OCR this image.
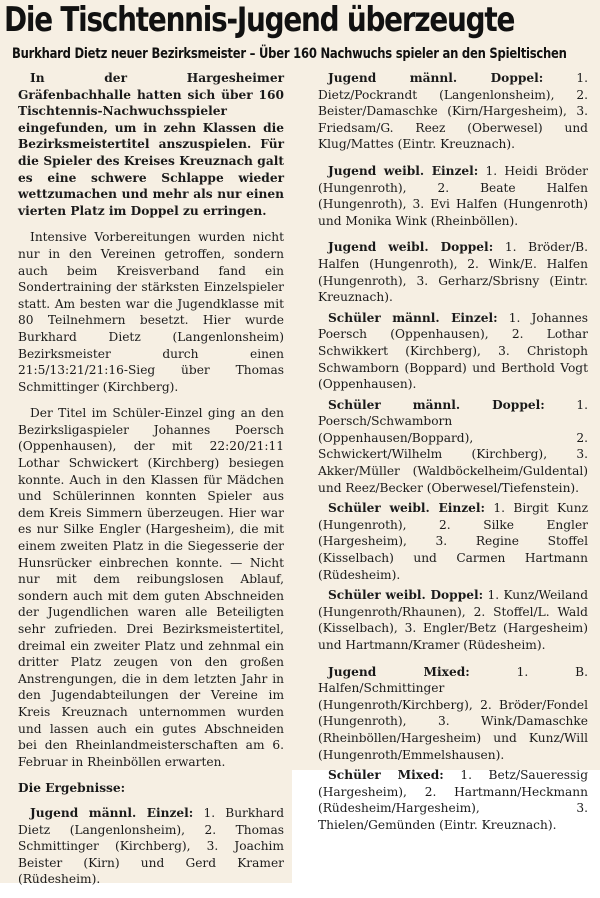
Die Tischtennis-Jugend überzeugte
Burkhard Dietz neuer Bezirksmeister – Über 160 Nachwuchs spieler an den Spieltischen

In der Hargesheimer Gräfenbachhalle hatten sich über 160 Tischtennis-Nachwuchsspieler eingefunden, um in zehn Klassen die Bezirksmeistertitel anszuspielen. Für die Spieler des Kreises Kreuznach galt es eine schwere Schlappe wieder wettzumachen und mehr als nur einen vierten Platz im Doppel zu erringen.

Intensive Vorbereitungen wurden nicht nur in den Vereinen getroffen, sondern auch beim Kreisverband fand ein Sondertraining der stärksten Einzelspieler statt. Am besten war die Jugendklasse mit 80 Teilnehmern besetzt. Hier wurde Burkhard Dietz (Langenlonsheim) Bezirksmeister durch einen 21:5/13:21/21:16-Sieg über Thomas Schmittinger (Kirchberg).

Der Titel im Schüler-Einzel ging an den Bezirksligaspieler Johannes Poersch (Oppenhausen), der mit 22:20/21:11 Lothar Schwickert (Kirchberg) besiegen konnte. Auch in den Klassen für Mädchen und Schülerinnen konnten Spieler aus dem Kreis Simmern überzeugen. Hier war es nur Silke Engler (Hargesheim), die mit einem zweiten Platz in die Siegesserie der Hunsrücker einbrechen konnte. — Nicht nur mit dem reibungslosen Ablauf, sondern auch mit dem guten Abschneiden der Jugendlichen waren alle Beteiligten sehr zufrieden. Drei Bezirksmeistertitel, dreimal ein zweiter Platz und zehnmal ein dritter Platz zeugen von den großen Anstrengungen, die in dem letzten Jahr in den Jugendabteilungen der Vereine im Kreis Kreuznach unternommen wurden und lassen auch ein gutes Abschneiden bei den Rheinlandmeisterschaften am 6. Februar in Rheinböllen erwarten.

Die Ergebnisse:

Jugend männl. Einzel: 1. Burkhard Dietz (Langenlonsheim), 2. Thomas Schmittinger (Kirchberg), 3. Joachim Beister (Kirn) und Gerd Kramer (Rüdesheim).

Jugend männl. Doppel:	1. Dietz/Pockrandt (Langenlonsheim), 2. Beister/Damaschke (Kirn/Hargesheim), 3. Friedsam/G. Reez (Oberwesel) und Klug/Mattes (Eintr. Kreuznach).

Jugend weibl. Einzel: 1. Heidi Bröder (Hungenroth), 2. Beate Halfen (Hungenroth), 3. Evi Halfen (Hungenroth) und Monika Wink (Rheinböllen).

Jugend weibl. Doppel: 1. Bröder/B. Halfen (Hungenroth), 2. Wink/E. Halfen (Hungenroth), 3. Gerharz/Sbrisny (Eintr. Kreuznach).

Schüler männl. Einzel: 1. Johannes Poersch (Oppenhausen), 2. Lothar Schwikkert (Kirchberg), 3. Christoph Schwamborn (Boppard) und Berthold Vogt (Oppenhausen).

Schüler männl. Doppel:	1. Poersch/Schwamborn (Oppenhausen/Boppard), 2. Schwickert/Wilhelm (Kirchberg), 3. Akker/Müller (Waldböckelheim/Guldental) und Reez/Becker (Oberwesel/Tiefenstein).

Schüler weibl. Einzel: 1. Birgit Kunz (Hungenroth), 2. Silke Engler (Hargesheim), 3. Regine Stoffel (Kisselbach) und Carmen Hartmann (Rüdesheim).

Schüler weibl. Doppel: 1. Kunz/Weiland (Hungenroth/Rhaunen), 2. Stoffel/L. Wald (Kisselbach), 3. Engler/Betz (Hargesheim) und Hartmann/Kramer (Rüdesheim).

Jugend Mixed:	1. B. Halfen/Schmittinger (Hungenroth/Kirchberg), 2. Bröder/Fondel (Hungenroth), 3. Wink/Damaschke (Rheinböllen/Hargesheim) und Kunz/Will (Hungenroth/Emmelshausen).

Schüler Mixed: 1. Betz/Saueressig (Hargesheim), 2. Hartmann/Heckmann (Rüdesheim/Hargesheim), 3. Thielen/Gemünden (Eintr. Kreuznach).
